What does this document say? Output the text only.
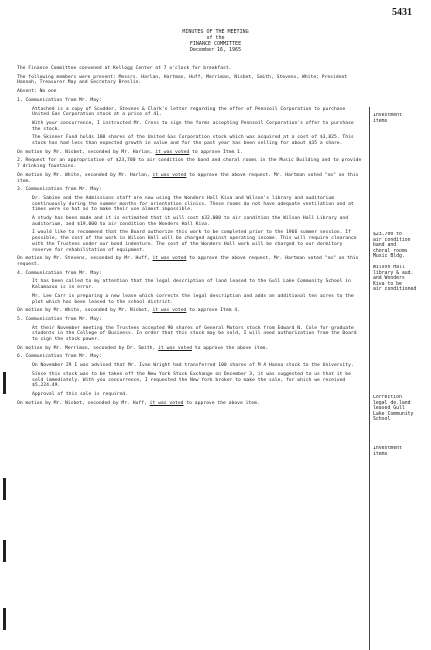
5431
MINUTES OF THE MEETING
of the
FINANCE COMMITTEE
December 16, 1965

The Finance Committee convened at Kellogg Center at 7 o'clock for breakfast.

The following members were present: Messrs. Harlan, Hartman, Huff, Merriman, Nisbet, Smith, Stevens, White; President Hannah, Treasurer May and Secretary Breslin.

Absent: No one

1. Communication from Mr. May:

Attached is a copy of Scudder, Stevens & Clark's letter regarding the offer of Pennzoil Corporation to purchase United Gas Corporation stock at a price of 41.

With your concurrence, I instructed Mr. Cress to sign the forms accepting Pennzoil Corporation's offer to purchase the stock.

The Skinner Fund holds 100 shares of the United Gas Corporation stock which was acquired at a cost of $3,825. This stock has had less than expected growth in value and for the past year has been selling for about $35 a share.

On motion by Mr. Nisbet, seconded by Mr. Harlan, it was voted to approve Item 1.

2. Request for an appropriation of $23,700 to air condition the band and choral rooms in the Music Building and to provide 7 drinking fountains.

On motion by Mr. White, seconded by Mr. Harlan, it was voted to approve the above request. Mr. Hartman voted "no" on this item.

3. Communication from Mr. May:

Dr. Sabine and the Admissions staff are now using the Wonders Hall Kiva and Wilson's library and auditorium continuously during the summer months for orientation clinics. These rooms do not have adequate ventilation and at times were so hot as to make their use almost impossible.

A study has been made and it is estimated that it will cost $32,000 to air condition the Wilson Hall Library and auditorium, and $19,000 to air condition the Wonders Hall Kiva.

I would like to recommend that the Board authorize this work to be completed prior to the 1966 summer session. If possible, the cost of the work in Wilson Hall will be charged against operating income. This will require clearance with the Trustees under our bond indenture. The cost of the Wonders Hall work will be charged to our dormitory reserve for rehabilitation of equipment.

On motion by Mr. Stevens, seconded by Mr. Huff, it was voted to approve the above request. Mr. Hartman voted "no" on this request.

4. Communication from Mr. May:

It has been called to my attention that the legal description of land leased to the Gull Lake Community School in Kalamazoo is in error.

Mr. Lee Carr is preparing a new lease which corrects the legal description and adds an additional ten acres to the plot which has been leased to the school district.

On motion by Mr. White, seconded by Mr. Nisbet, it was voted to approve Item 4.

5. Communication from Mr. May:

At their November meeting the Trustees accepted 90 shares of General Motors stock from Edward N. Cole for graduate students in the College of Business. In order that this stock may be sold, I will need authorization from the Board to sign the stock power.

On motion by Mr. Merriman, seconded by Dr. Smith, it was voted to approve the above item.

6. Communication from Mr. May:

On November 29 I was advised that Mr. Ivan Wright had transferred 100 shares of M A Hanna stock to the University.

Since this stock was to be taken off the New York Stock Exchange on December 3, it was suggested to us that it be sold immediately. With you concurrence, I requested the New York broker to make the sale, for which we received $5,224.49.

Approval of this sale is required.

On motion by Mr. Nisbet, seconded by Mr. Huff, it was voted to approve the above item.

Investment
items
$23,700 to
air condition
band and
choral rooms
Music Bldg.
Wilson Hall
library & aud.
and Wonders
Kiva to be
air conditioned
Correction
legal de.land
leased Gull
Lake Community
School
Investment
items
